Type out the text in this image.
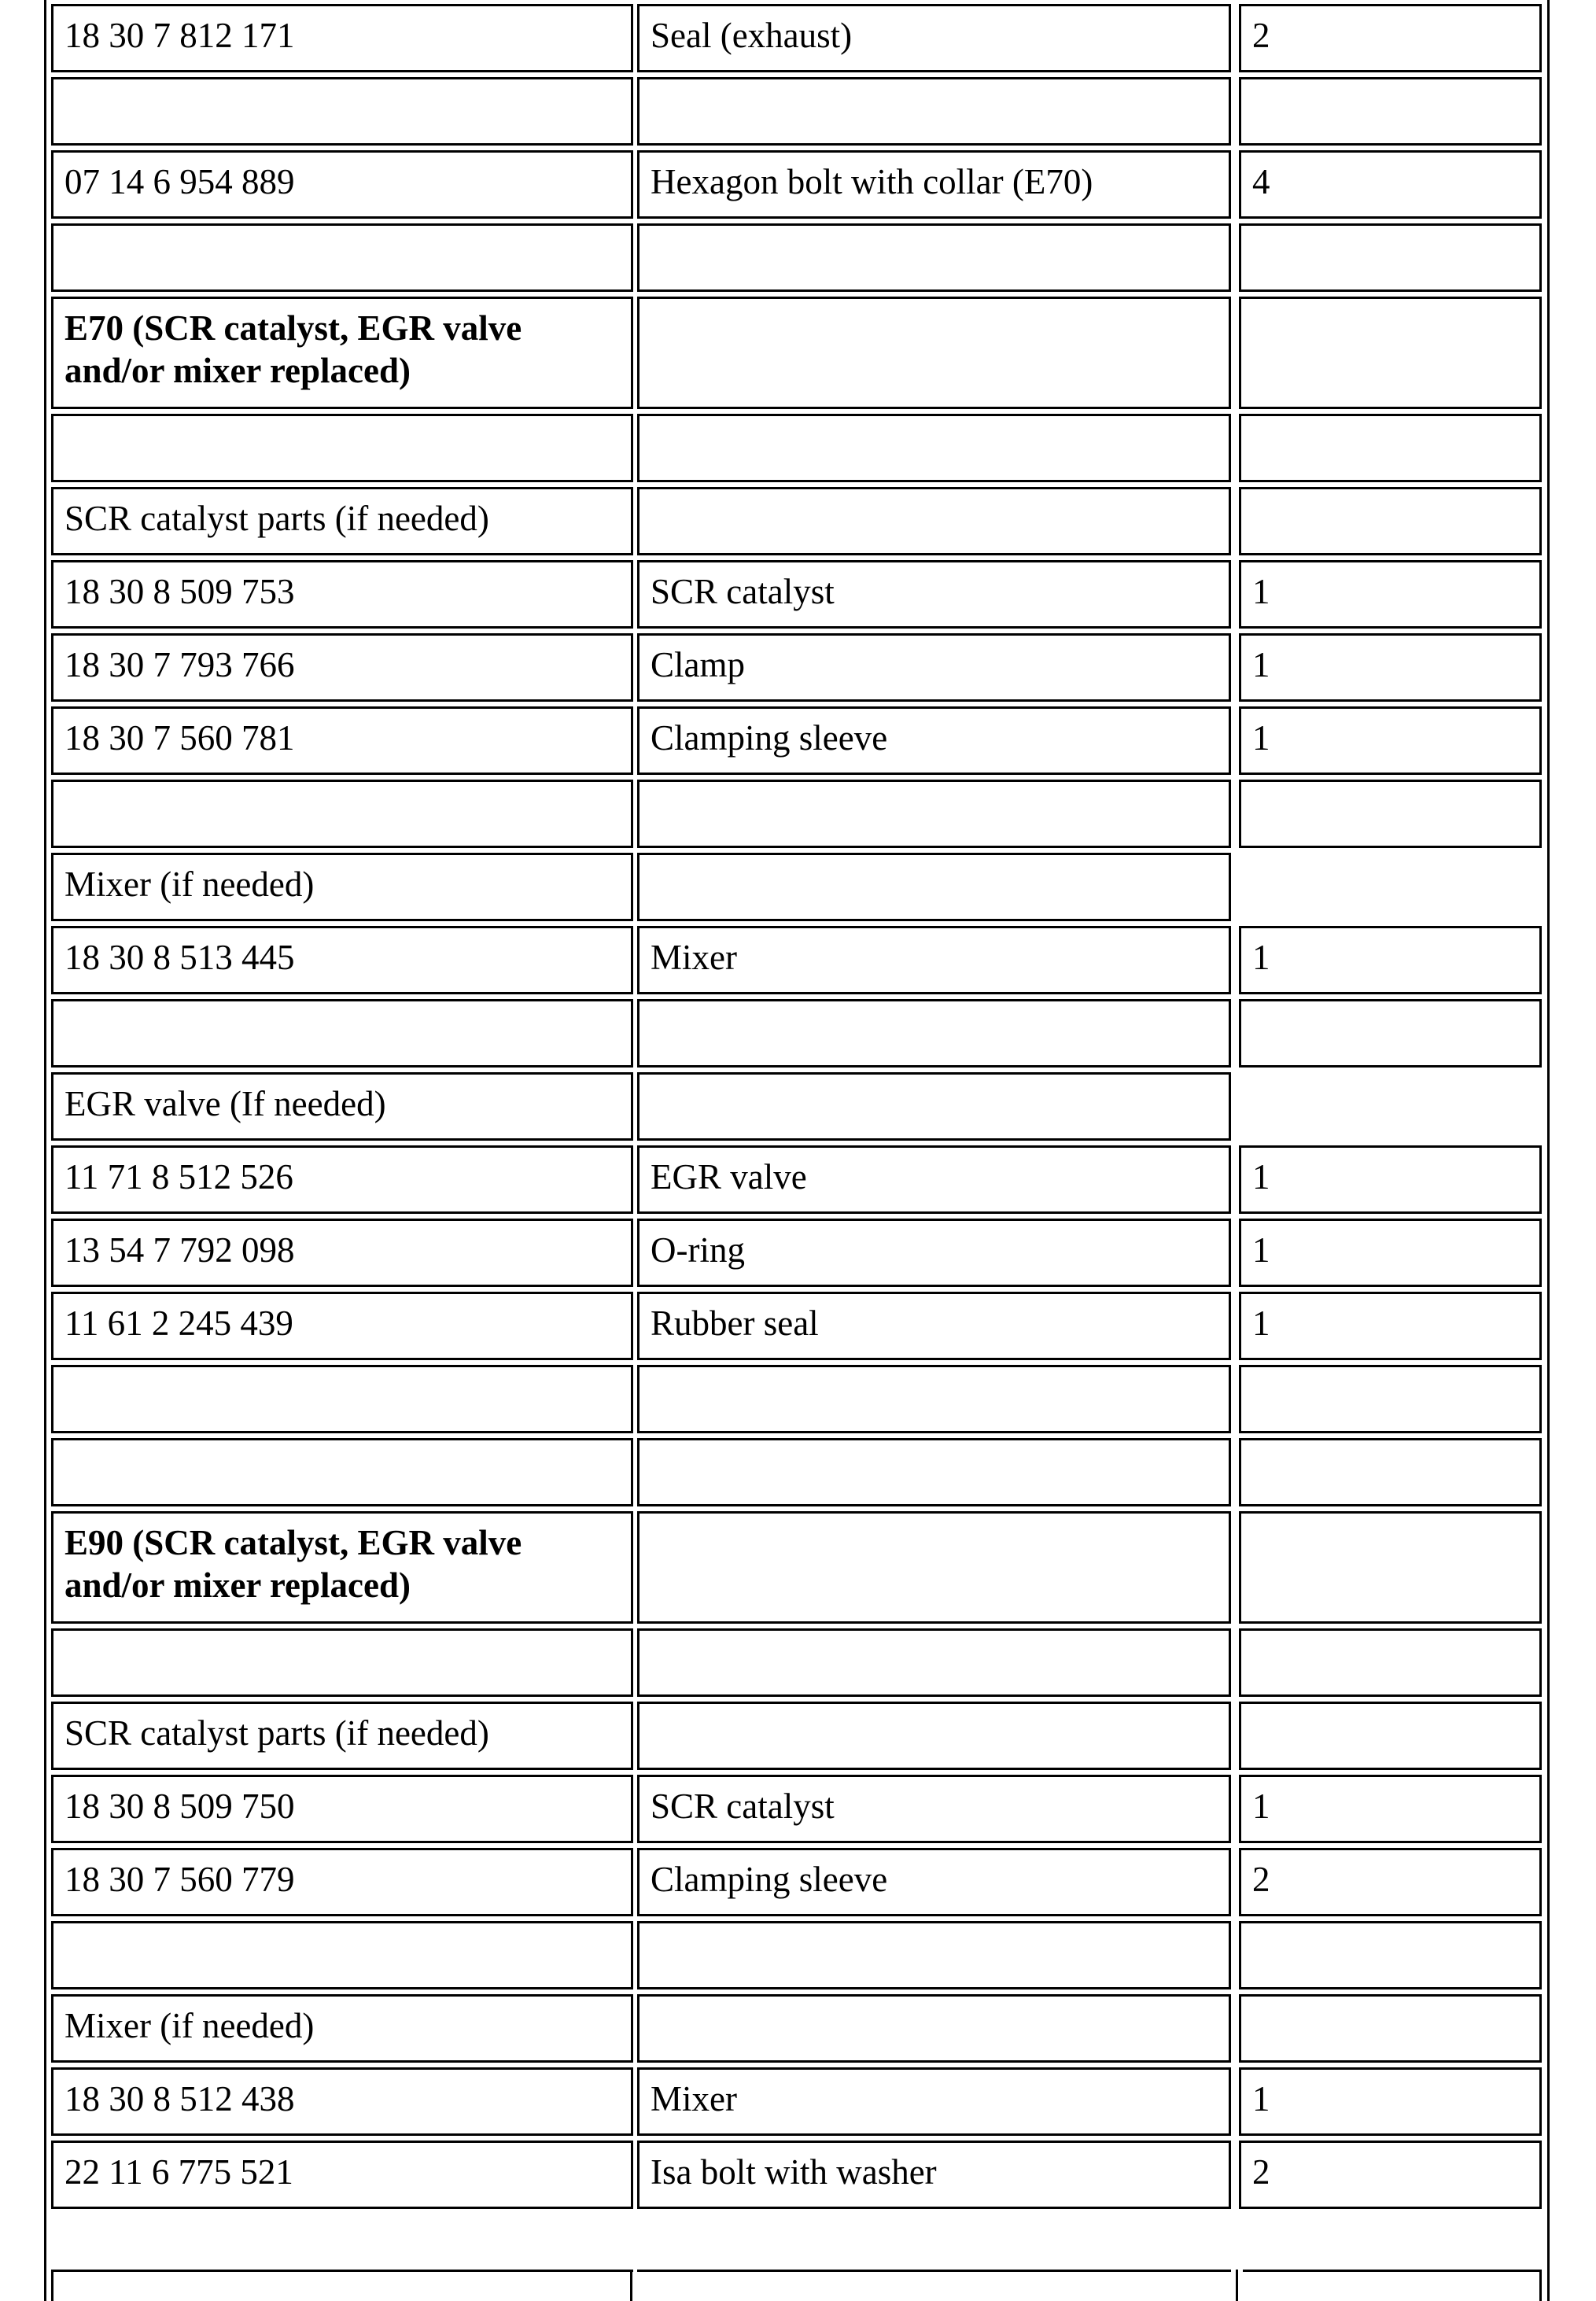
18 30 7 812 171	Seal (exhaust)	2
07 14 6 954 889	Hexagon bolt with collar (E70)	4
E70 (SCR catalyst, EGR valve and/or mixer replaced)
SCR catalyst parts (if needed)
18 30 8 509 753	SCR catalyst	1
18 30 7 793 766	Clamp	1
18 30 7 560 781	Clamping sleeve	1
Mixer (if needed)
18 30 8 513 445	Mixer	1
EGR valve (If needed)
11 71 8 512 526	EGR valve	1
13 54 7 792 098	O-ring	1
11 61 2 245 439	Rubber seal	1
E90 (SCR catalyst, EGR valve and/or mixer replaced)
SCR catalyst parts (if needed)
18 30 8 509 750	SCR catalyst	1
18 30 7 560 779	Clamping sleeve	2
Mixer (if needed)
18 30 8 512 438	Mixer	1
22 11 6 775 521	Isa bolt with washer	2
